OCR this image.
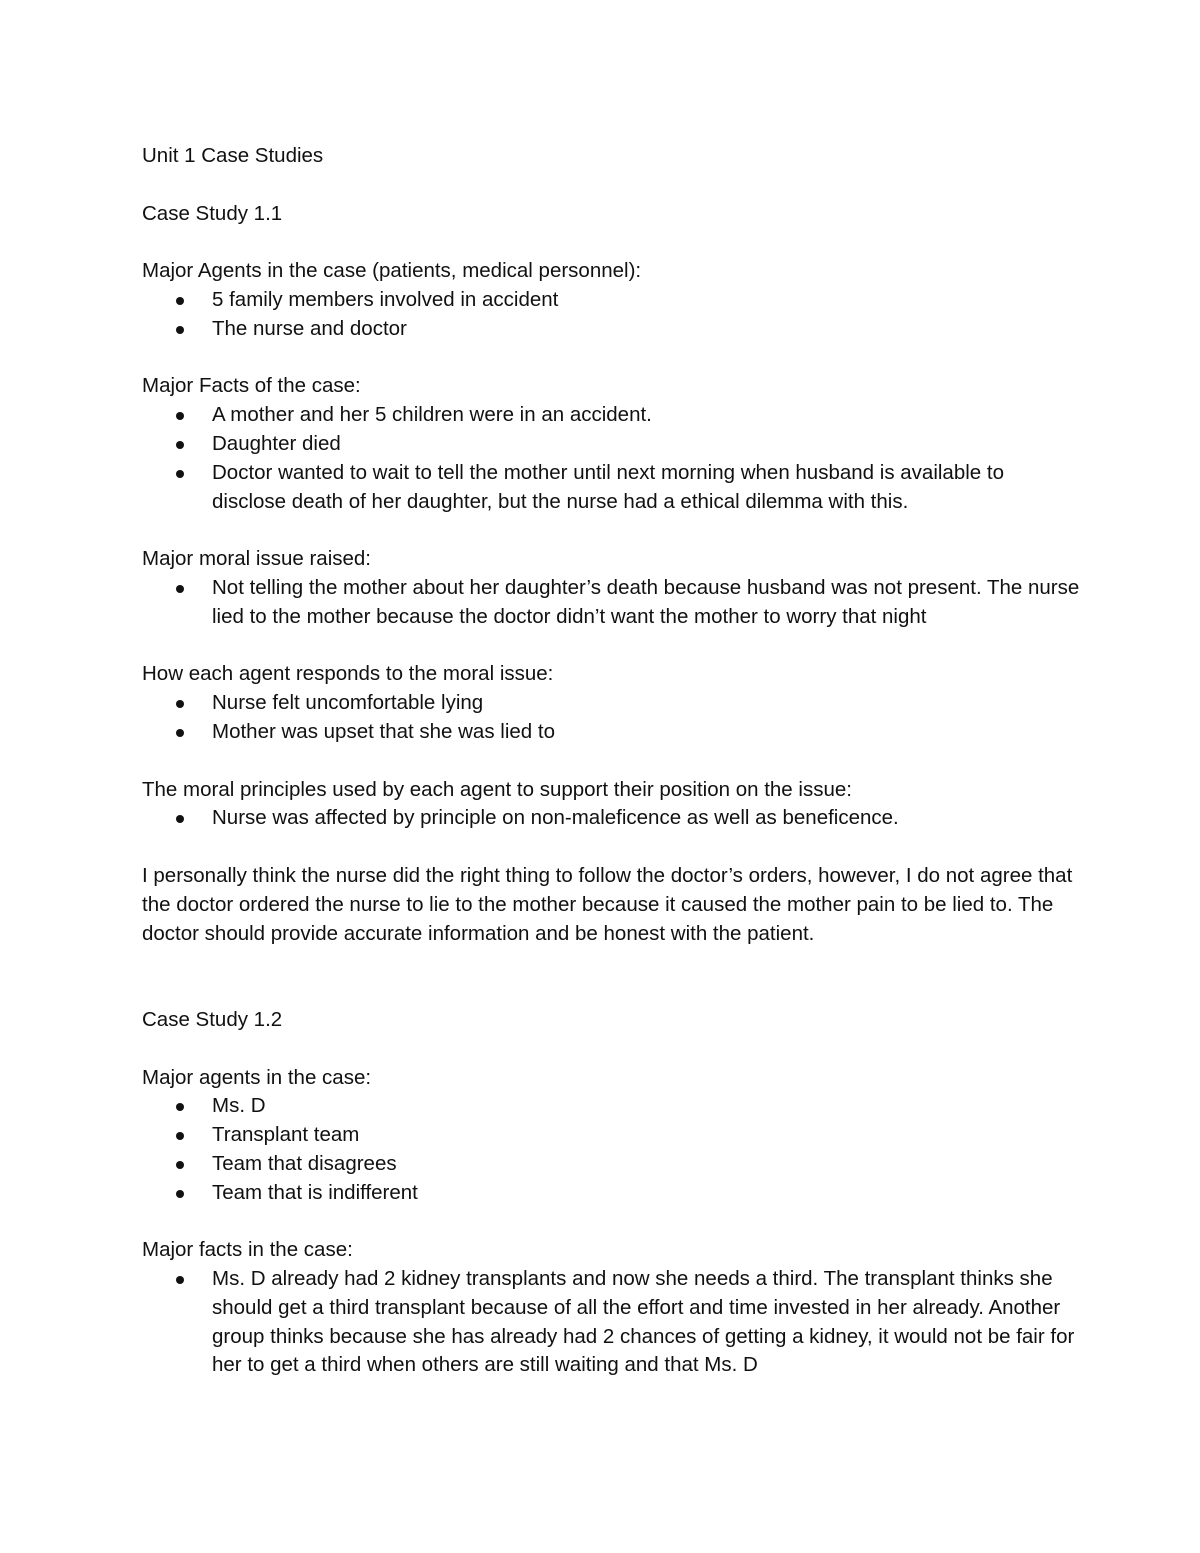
Unit 1 Case Studies

Case Study 1.1

Major Agents in the case (patients, medical personnel):

5 family members involved in accident
The nurse and doctor

Major Facts of the case:

A mother and her 5 children were in an accident.
Daughter died
Doctor wanted to wait to tell the mother until next morning when husband is available to disclose death of her daughter, but the nurse had a ethical dilemma with this.

Major moral issue raised:

Not telling the mother about her daughter’s death because husband was not present. The nurse lied to the mother because the doctor didn’t want the mother to worry that night

How each agent responds to the moral issue:

Nurse felt uncomfortable lying
Mother was upset that she was lied to

The moral principles used by each agent to support their position on the issue:

Nurse was affected by principle on non-maleficence as well as beneficence.

I personally think the nurse did the right thing to follow the doctor’s orders, however, I do not agree that the doctor ordered the nurse to lie to the mother because it caused the mother pain to be lied to. The doctor should provide accurate information and be honest with the patient.

Case Study 1.2

Major agents in the case:

Ms. D
Transplant team
Team that disagrees
Team that is indifferent

Major facts in the case:

Ms. D already had 2 kidney transplants and now she needs a third. The transplant thinks she should get a third transplant because of all the effort and time invested in her already. Another group thinks because she has already had 2 chances of getting a kidney, it would not be fair for her to get a third when others are still waiting and that Ms. D
